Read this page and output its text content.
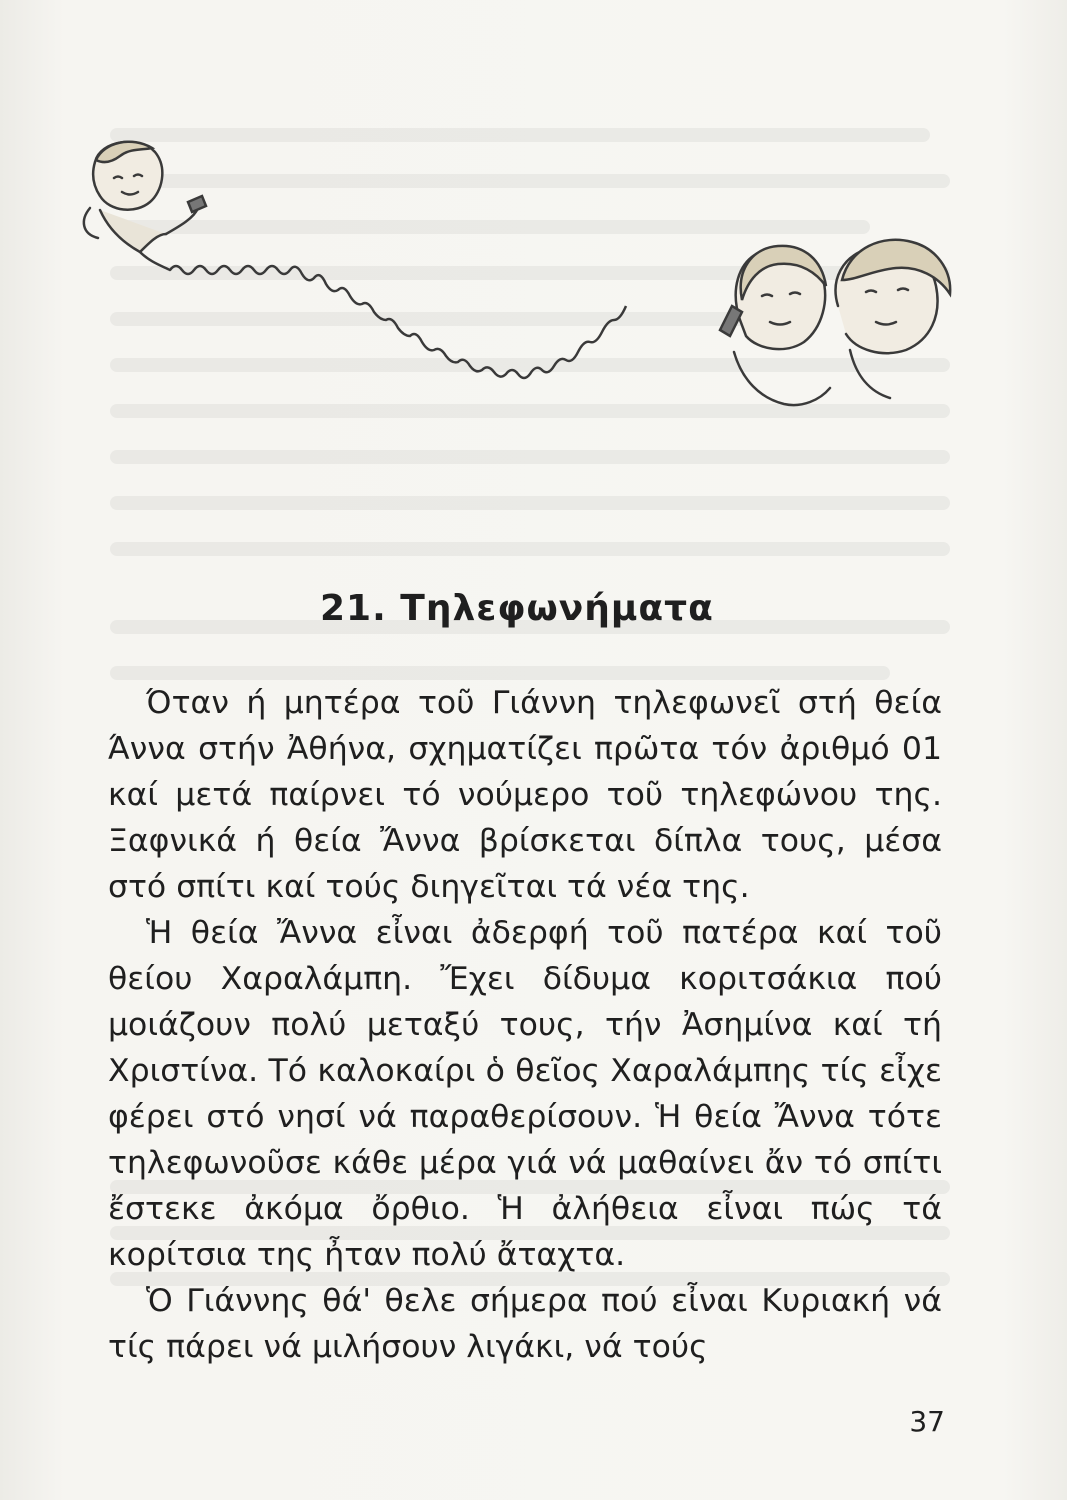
21. Τηλεφωνήματα

Όταν ή μητέρα τοῦ Γιάννη τηλεφωνεῖ στή θεία Άννα στήν Ἀθήνα, σχηματίζει πρῶτα τόν ἀριθμό 01 καί μετά παίρνει τό νούμερο τοῦ τηλεφώνου της. Ξαφνικά ή θεία Ἄννα βρίσκεται δίπλα τους, μέσα στό σπίτι καί τούς διηγεῖται τά νέα της.

Ἡ θεία Ἄννα εἶναι ἀδερφή τοῦ πατέρα καί τοῦ θείου Χαραλάμπη. Ἔχει δίδυμα κοριτσάκια πού μοιάζουν πολύ μεταξύ τους, τήν Ἀσημίνα καί τή Χριστίνα. Τό καλοκαίρι ὁ θεῖος Χαραλάμπης τίς εἶχε φέρει στό νησί νά παραθερίσουν. Ἡ θεία Ἄννα τότε τηλεφωνοῦσε κάθε μέρα γιά νά μαθαίνει ἄν τό σπίτι ἔστεκε ἀκόμα ὄρθιο. Ἡ ἀλήθεια εἶναι πώς τά κορίτσια της ἦταν πολύ ἄταχτα.

Ὁ Γιάννης θά' θελε σήμερα πού εἶναι Κυριακή νά τίς πάρει νά μιλήσουν λιγάκι, νά τούς

37
